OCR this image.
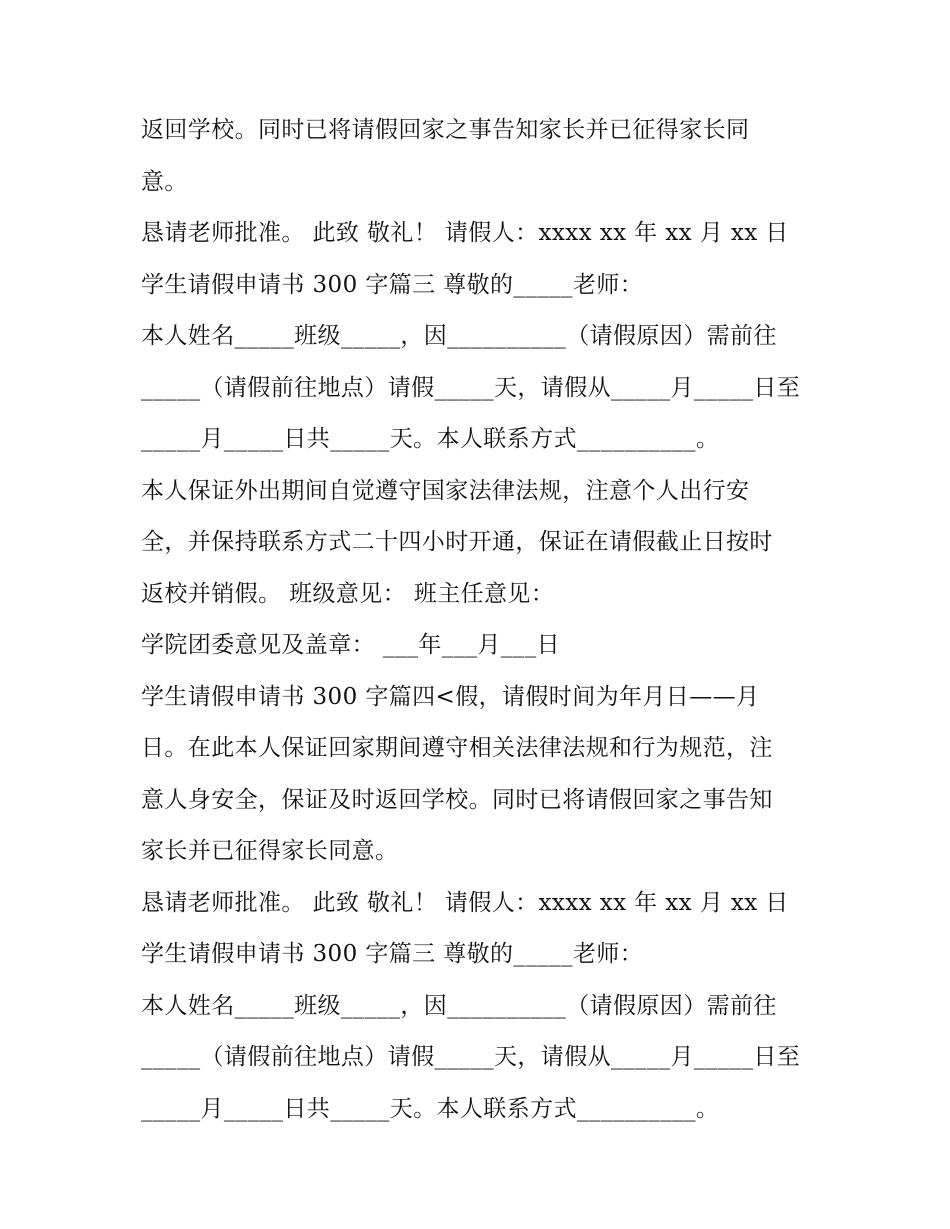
返回学校。同时已将请假回家之事告知家长并已征得家长同
意。
恳请老师批准。 此致 敬礼！ 请假人：xxxx xx 年 xx 月 xx 日
学生请假申请书 300 字篇三 尊敬的_____老师：
本人姓名_____班级_____，因__________（请假原因）需前往
_____（请假前往地点）请假_____天，请假从_____月_____日至
_____月_____日共_____天。本人联系方式__________。
本人保证外出期间自觉遵守国家法律法规，注意个人出行安
全，并保持联系方式二十四小时开通，保证在请假截止日按时
返校并销假。 班级意见： 班主任意见：
学院团委意见及盖章： ___年___月___日
学生请假申请书 300 字篇四<假，请假时间为年月日——月
日。在此本人保证回家期间遵守相关法律法规和行为规范，注
意人身安全，保证及时返回学校。同时已将请假回家之事告知
家长并已征得家长同意。
恳请老师批准。 此致 敬礼！ 请假人：xxxx xx 年 xx 月 xx 日
学生请假申请书 300 字篇三 尊敬的_____老师：
本人姓名_____班级_____，因__________（请假原因）需前往
_____（请假前往地点）请假_____天，请假从_____月_____日至
_____月_____日共_____天。本人联系方式__________。
